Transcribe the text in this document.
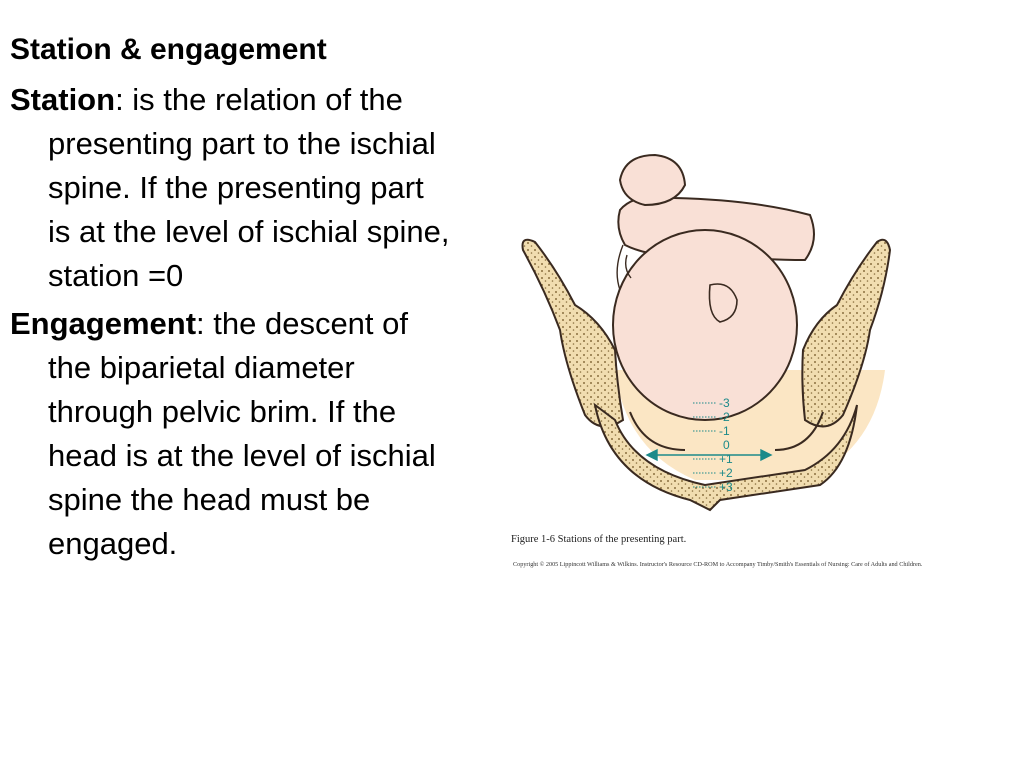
Station & engagement

Station: is the relation of the presenting part to the ischial spine. If the presenting part is at the level of ischial spine, station =0

Engagement: the descent of the biparietal diameter through pelvic brim. If the head is at the level of ischial spine the head must be engaged.

-3
-2
-1
0
+1
+2
+3
Figure 1-6 Stations of the presenting part.
Copyright © 2005 Lippincott Williams & Wilkins. Instructor's Resource CD-ROM to Accompany Timby/Smith's Essentials of Nursing: Care of Adults and Children.
